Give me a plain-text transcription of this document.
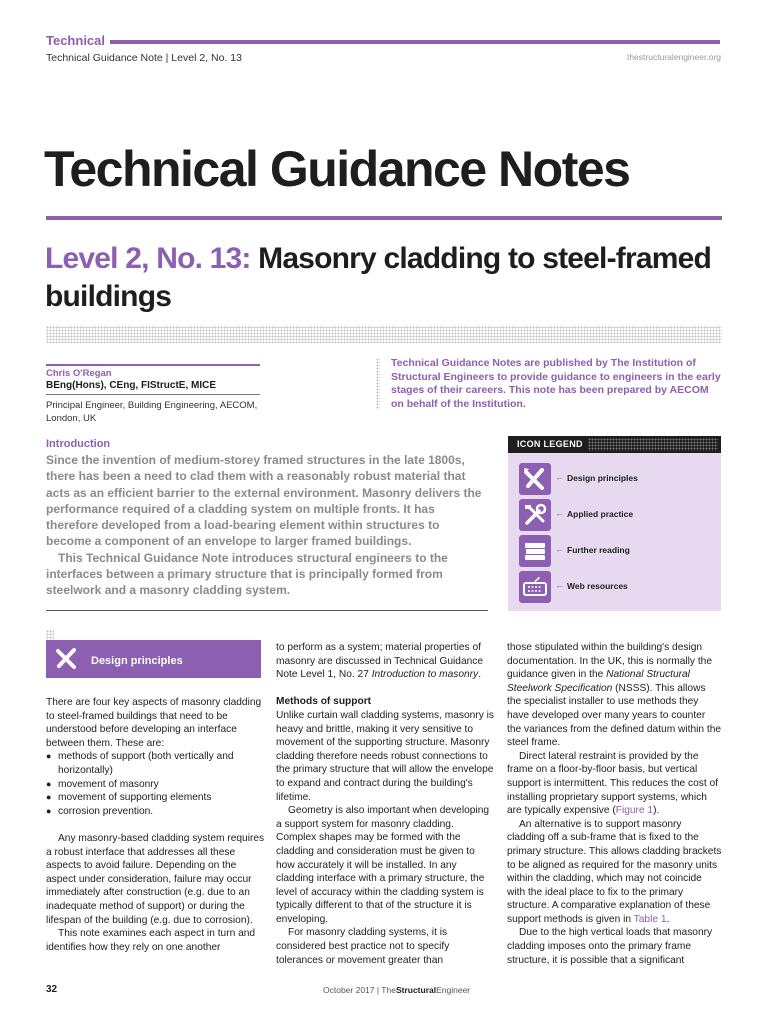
Technical
Technical Guidance Note | Level 2, No. 13	thestructuralengineer.org
Technical Guidance Notes
Level 2, No. 13: Masonry cladding to steel-framed buildings
Chris O'Regan
BEng(Hons), CEng, FIStructE, MICE
Principal Engineer, Building Engineering, AECOM, London, UK
Technical Guidance Notes are published by The Institution of Structural Engineers to provide guidance to engineers in the early stages of their careers. This note has been prepared by AECOM on behalf of the Institution.
Introduction

Since the invention of medium-storey framed structures in the late 1800s, there has been a need to clad them with a reasonably robust material that acts as an efficient barrier to the external environment. Masonry delivers the performance required of a cladding system on multiple fronts. It has therefore developed from a load-bearing element within structures to become a component of an envelope to larger framed buildings.

This Technical Guidance Note introduces structural engineers to the interfaces between a primary structure that is principally formed from steelwork and a masonry cladding system.

ICON LEGEND
← Design principles
← Applied practice
← Further reading
← Web resources
Design principles

There are four key aspects of masonry cladding to steel-framed buildings that need to be understood before developing an interface between them. These are:

● methods of support (both vertically and horizontally)
● movement of masonry
● movement of supporting elements
● corrosion prevention.

Any masonry-based cladding system requires a robust interface that addresses all these aspects to avoid failure. Depending on the aspect under consideration, failure may occur immediately after construction (e.g. due to an inadequate method of support) or during the lifespan of the building (e.g. due to corrosion).

This note examines each aspect in turn and identifies how they rely on one another

to perform as a system; material properties of masonry are discussed in Technical Guidance Note Level 1, No. 27 Introduction to masonry.

Methods of support

Unlike curtain wall cladding systems, masonry is heavy and brittle, making it very sensitive to movement of the supporting structure. Masonry cladding therefore needs robust connections to the primary structure that will allow the envelope to expand and contract during the building's lifetime.

Geometry is also important when developing a support system for masonry cladding. Complex shapes may be formed with the cladding and consideration must be given to how accurately it will be installed. In any cladding interface with a primary structure, the level of accuracy within the cladding system is typically different to that of the structure it is enveloping.

For masonry cladding systems, it is considered best practice not to specify tolerances or movement greater than

those stipulated within the building's design documentation. In the UK, this is normally the guidance given in the National Structural Steelwork Specification (NSSS). This allows the specialist installer to use methods they have developed over many years to counter the variances from the defined datum within the steel frame.

Direct lateral restraint is provided by the frame on a floor-by-floor basis, but vertical support is intermittent. This reduces the cost of installing proprietary support systems, which are typically expensive (Figure 1).

An alternative is to support masonry cladding off a sub-frame that is fixed to the primary structure. This allows cladding brackets to be aligned as required for the masonry units within the cladding, which may not coincide with the ideal place to fix to the primary structure. A comparative explanation of these support methods is given in Table 1.

Due to the high vertical loads that masonry cladding imposes onto the primary frame structure, it is possible that a significant

32	October 2017 | TheStructuralEngineer
